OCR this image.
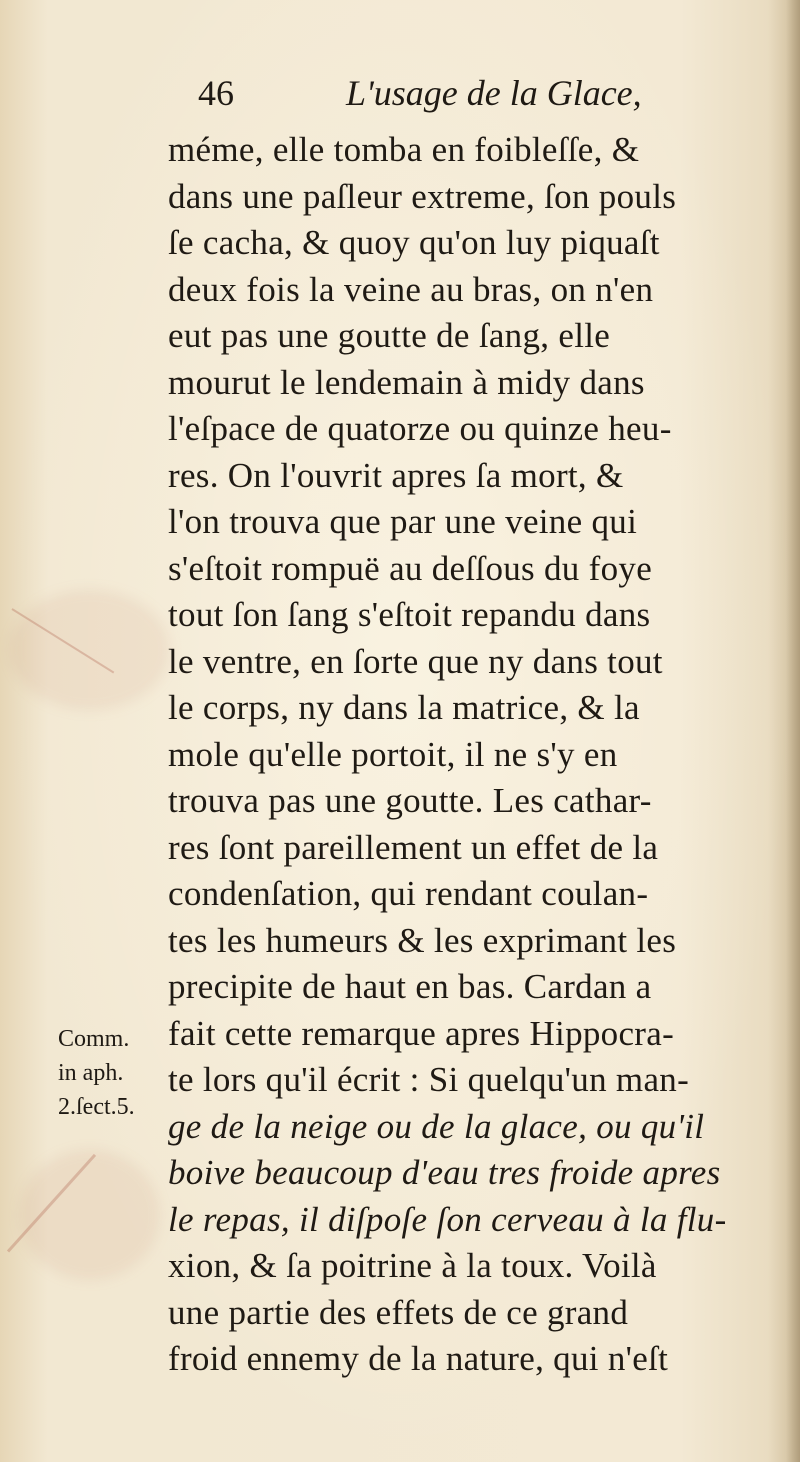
46	L'usage de la Glace,
méme, elle tomba en foibleſſe, &
dans une paſleur extreme, ſon pouls
ſe cacha, & quoy qu'on luy piquaſt
deux fois la veine au bras, on n'en
eut pas une goutte de ſang, elle
mourut le lendemain à midy dans
l'eſpace de quatorze ou quinze heu-
res. On l'ouvrit apres ſa mort, &
l'on trouva que par une veine qui
s'eſtoit rompuë au deſſous du foye
tout ſon ſang s'eſtoit repandu dans
le ventre, en ſorte que ny dans tout
le corps, ny dans la matrice, & la
mole qu'elle portoit, il ne s'y en
trouva pas une goutte. Les cathar-
res ſont pareillement un effet de la
condenſation, qui rendant coulan-
tes les humeurs & les exprimant les
precipite de haut en bas. Cardan a
fait cette remarque apres Hippocra-
te lors qu'il écrit : Si quelqu'un man-
ge de la neige ou de la glace, ou qu'il
boive beaucoup d'eau tres froide apres
le repas, il diſpoſe ſon cerveau à la flu-
xion, & ſa poitrine à la toux. Voilà
une partie des effets de ce grand
froid ennemy de la nature, qui n'eſt
Comm.
in aph.
2.ſect.5.
